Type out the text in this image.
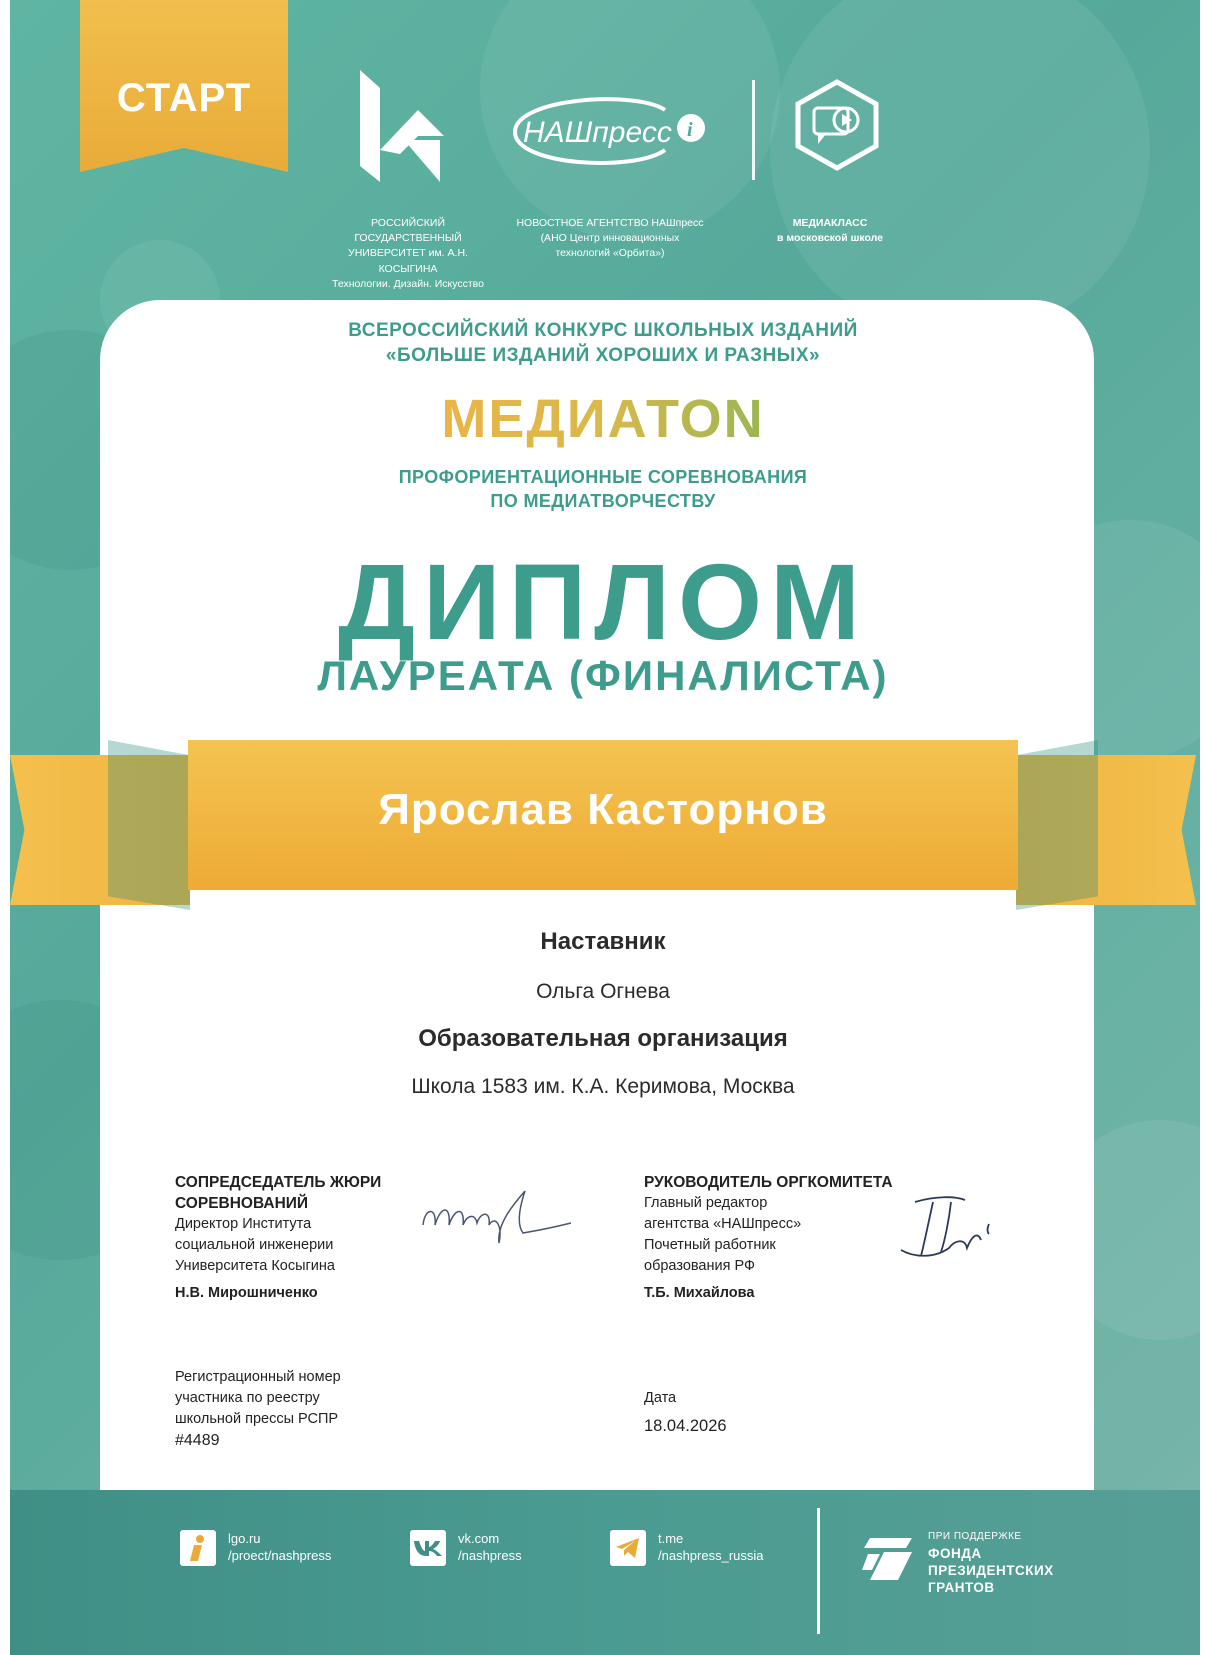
СТАРТ
НАШпресс i
РОССИЙСКИЙ ГОСУДАРСТВЕННЫЙ
УНИВЕРСИТЕТ им. А.Н. КОСЫГИНА
Технологии. Дизайн. Искусство
НОВОСТНОЕ АГЕНТСТВО НАШпресс
(АНО Центр инновационных
технологий «Орбита»)
МЕДИАКЛАСС
в московской школе
ВСЕРОССИЙСКИЙ КОНКУРС ШКОЛЬНЫХ ИЗДАНИЙ
«БОЛЬШЕ ИЗДАНИЙ ХОРОШИХ И РАЗНЫХ»
МЕДИАТОN
ПРОФОРИЕНТАЦИОННЫЕ СОРЕВНОВАНИЯ
ПО МЕДИАТВОРЧЕСТВУ
ДИПЛОМ
ЛАУРЕАТА (ФИНАЛИСТА)
Ярослав Касторнов
Наставник
Ольга Огнева
Образовательная организация
Школа 1583 им. К.А. Керимова, Москва
СОПРЕДСЕДАТЕЛЬ ЖЮРИ
СОРЕВНОВАНИЙ
Директор Института
социальной инженерии
Университета Косыгина
Н.В. Мирошниченко
РУКОВОДИТЕЛЬ ОРГКОМИТЕТА
Главный редактор
агентства «НАШпресс»
Почетный работник
образования РФ
Т.Б. Михайлова
Регистрационный номер
участника по реестру
школьной прессы РСПР
#4489
Дата
18.04.2026
lgo.ru
/proect/nashpress
vk.com
/nashpress
t.me
/nashpress_russia
ПРИ ПОДДЕРЖКЕ
ФОНДА
ПРЕЗИДЕНТСКИХ
ГРАНТОВ
